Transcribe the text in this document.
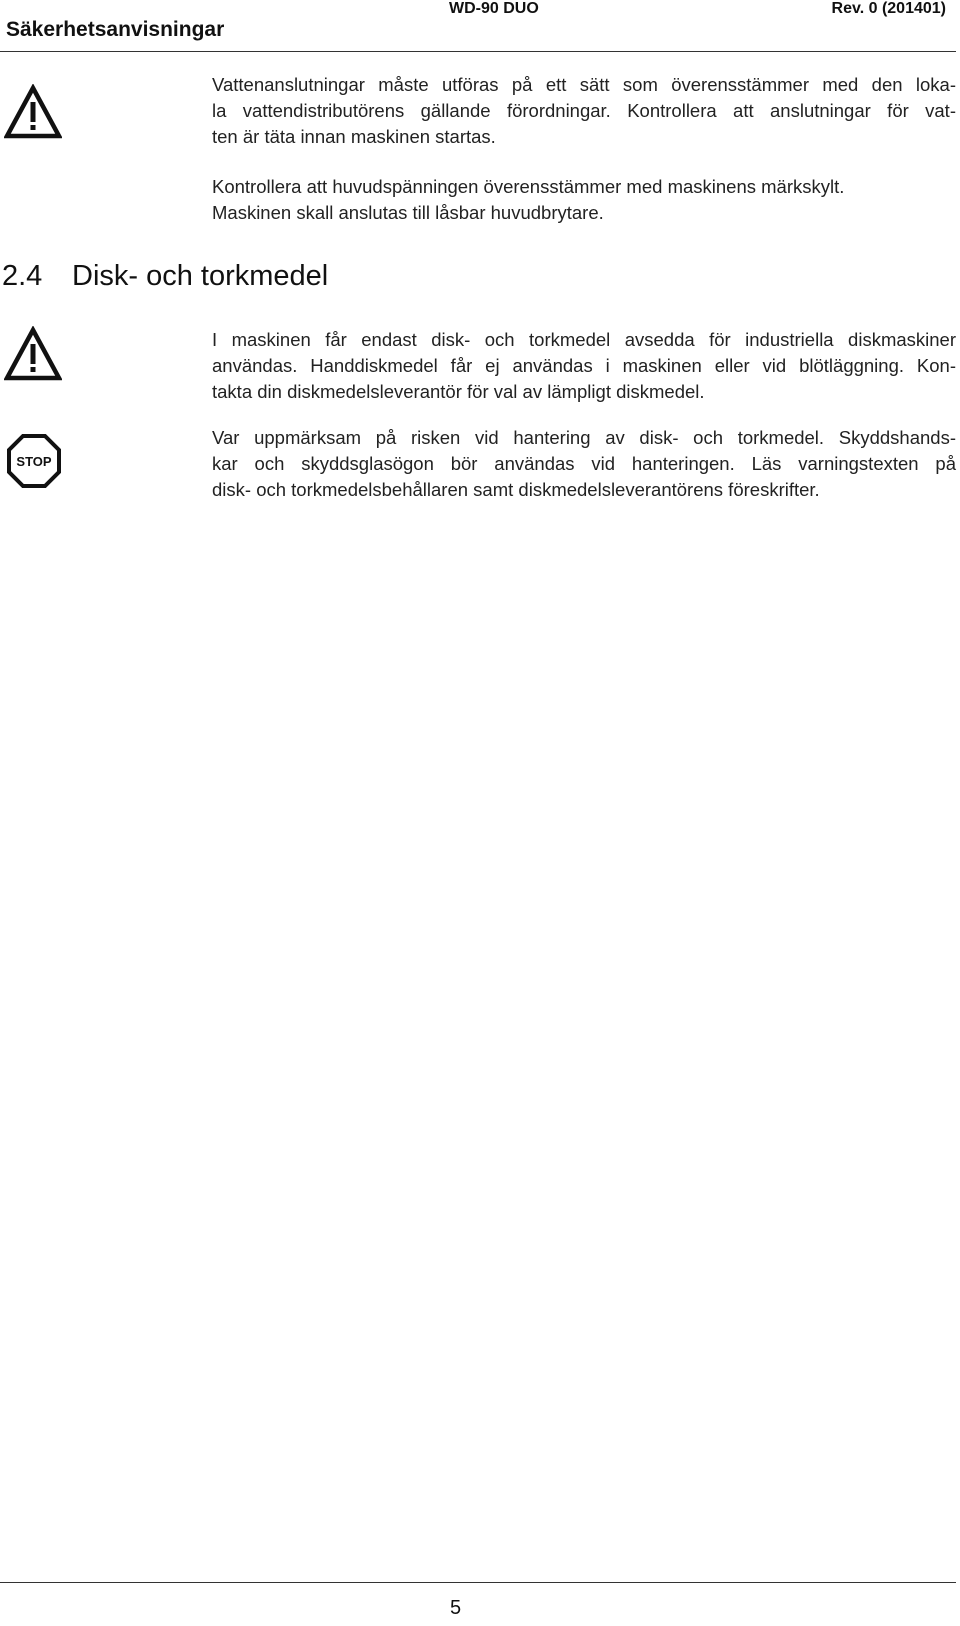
Säkerhetsanvisningar
WD-90 DUO	Rev. 0 (201401)
Vattenanslutningar måste utföras på ett sätt som överensstämmer med den loka-
la vattendistributörens gällande förordningar. Kontrollera att anslutningar för vat-
ten är täta innan maskinen startas.
Kontrollera att huvudspänningen överensstämmer med maskinens märkskylt.
Maskinen skall anslutas till låsbar huvudbrytare.
2.4 Disk- och torkmedel
STOP
I maskinen får endast disk- och torkmedel avsedda för industriella diskmaskiner
användas. Handdiskmedel får ej användas i maskinen eller vid blötläggning. Kon-
takta din diskmedelsleverantör för val av lämpligt diskmedel.
Var uppmärksam på risken vid hantering av disk- och torkmedel. Skyddshands-
kar och skyddsglasögon bör användas vid hanteringen. Läs varningstexten på
disk- och torkmedelsbehållaren samt diskmedelsleverantörens föreskrifter.
5
